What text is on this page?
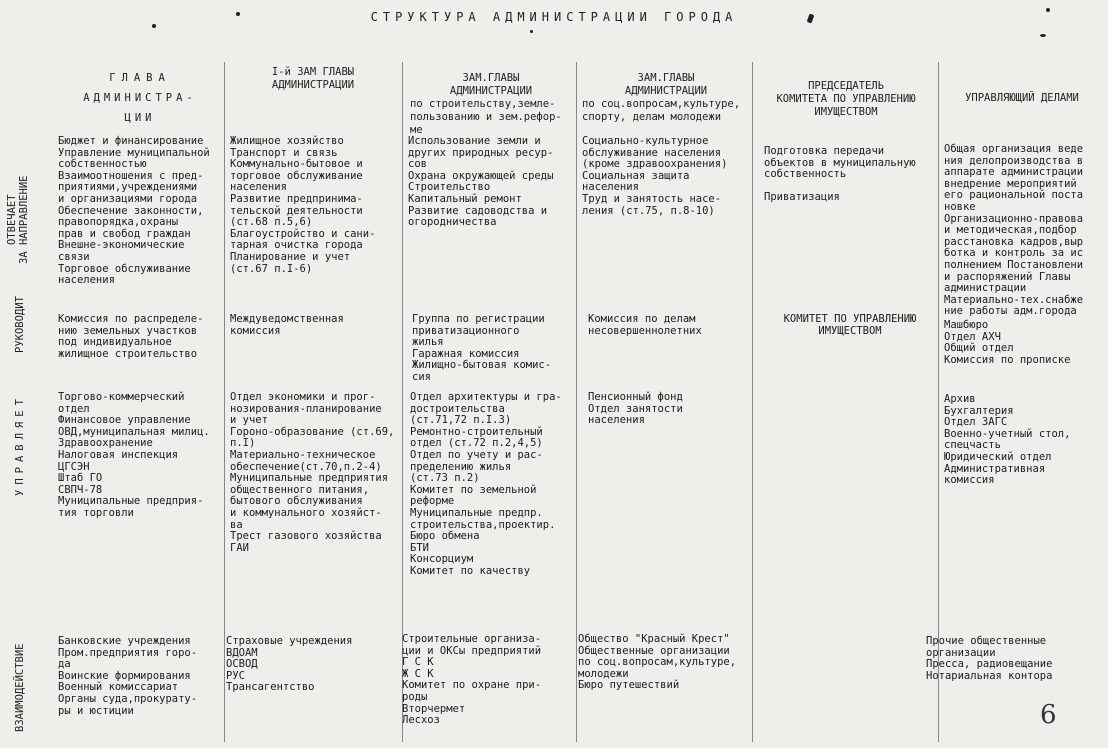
СТРУКТУРА АДМИНИСТРАЦИИ ГОРОДА
ГЛАВА
АДМИНИСТРА-
ЦИИ
I-й ЗАМ ГЛАВЫ
АДМИНИСТРАЦИИ
ЗАМ.ГЛАВЫ
АДМИНИСТРАЦИИ
по строительству,земле-
пользованию и зем.рефор-
ме
ЗАМ.ГЛАВЫ
АДМИНИСТРАЦИИ
по соц.вопросам,культуре,
спорту, делам молодежи
ПРЕДСЕДАТЕЛЬ
КОМИТЕТА ПО УПРАВЛЕНИЮ
ИМУЩЕСТВОМ
УПРАВЛЯЮЩИЙ ДЕЛАМИ
ОТВЕЧАЕТ
ЗА НАПРАВЛЕНИЕ
РУКОВОДИТ
УПРАВЛЯЕТ
ВЗАИМОДЕЙСТВИЕ
Бюджет и финансирование
Управление муниципальной
собственностью
Взаимоотношения с пред-
приятиями,учреждениями
и организациями города
Обеспечение законности,
правопорядка,охраны
прав и свобод граждан
Внешне-экономические
связи
Торговое обслуживание
населения
Жилищное хозяйство
Транспорт и связь
Коммунально-бытовое и
торговое обслуживание
населения
Развитие предпринима-
тельской деятельности
(ст.68 п.5,6)
Благоустройство и сани-
тарная очистка города
Планирование и учет
(ст.67 п.I-6)
Использование земли и
других природных ресур-
сов
Охрана окружающей среды
Строительство
Капитальный ремонт
Развитие садоводства и
огородничества
Социально-культурное
обслуживание населения
(кроме здравоохранения)
Социальная защита
населения
Труд и занятость насе-
ления (ст.75, п.8-10)
Подготовка передачи
объектов в муниципальную
собственность

Приватизация
Общая организация веде
ния делопроизводства в
аппарате администрации
внедрение мероприятий
его рациональной поста
новке
Организационно-правова
и методическая,подбор
расстановка кадров,выр
ботка и контроль за ис
полнением Постановлени
и распоряжений Главы
администрации
Материально-тех.снабже
ние работы адм.города
Комиссия по распределе-
нию земельных участков
под индивидуальное
жилищное строительство
Междуведомственная
комиссия
Группа по регистрации
приватизационного
жилья
Гаражная комиссия
Жилищно-бытовая комис-
сия
Комиссия по делам
несовершеннолетних
КОМИТЕТ ПО УПРАВЛЕНИЮ
ИМУЩЕСТВОМ	Машбюро
Отдел АХЧ
Общий отдел
Комиссия по прописке
Торгово-коммерческий
отдел
Финансовое управление
ОВД,муниципальная милиц.
Здравоохранение
Налоговая инспекция
ЦГСЭН
Штаб ГО
СВПЧ-78
Муниципальные предприя-
тия торговли
Отдел экономики и прог-
нозирования-планирование
и учет
Гороно-образование (ст.69,
п.I)
Материально-техническое
обеспечение(ст.70,п.2-4)
Муниципальные предприятия
общественного питания,
бытового обслуживания
и коммунального хозяйст-
ва
Трест газового хозяйства
ГАИ
Отдел архитектуры и гра-
достроительства
(ст.71,72 п.I.3)
Ремонтно-строительный
отдел (ст.72 п.2,4,5)
Отдел по учету и рас-
пределению жилья
(ст.73 п.2)
Комитет по земельной
реформе
Муниципальные предпр.
строительства,проектир.
Бюро обмена
БТИ
Консорциум
Комитет по качеству
Пенсионный фонд
Отдел занятости
населения
Архив
Бухгалтерия
Отдел ЗАГС
Военно-учетный стол,
спецчасть
Юридический отдел
Административная
комиссия
Банковские учреждения
Пром.предприятия горо-
да
Воинские формирования
Военный комиссариат
Органы суда,прокурату-
ры и юстиции
Страховые учреждения
ВДОАМ
ОСВОД
РУС
Трансагентство
Строительные организа-
ции и ОКСы предприятий
Г С К
Ж С К
Комитет по охране при-
роды
Вторчермет
Лесхоз
Общество "Красный Крест"
Общественные организации
по соц.вопросам,культуре,
молодежи
Бюро путешествий
Прочие общественные
организации
Пресса, радиовещание
Нотариальная контора
6
